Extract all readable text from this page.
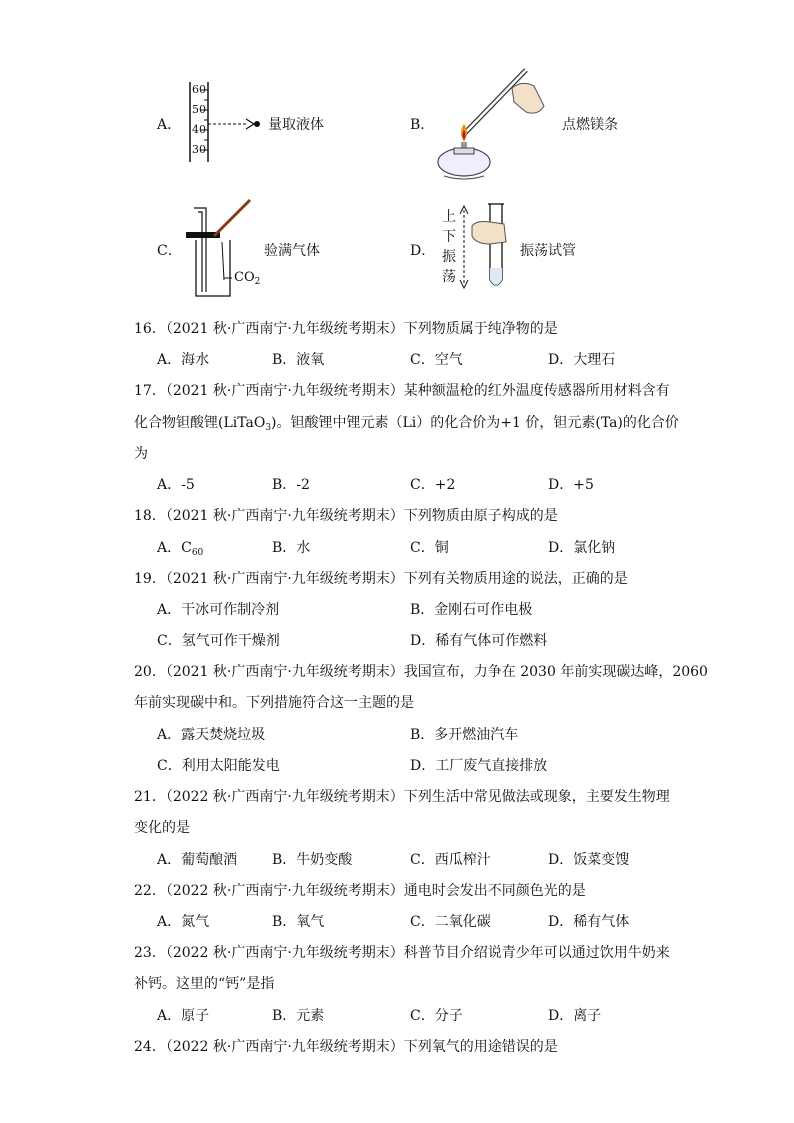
A．
60
50
40
30
量取液体	B．	点燃镁条
C．
$CO_2$
验满气体	D．
上
下
振
荡
振荡试管
16．（2021 秋·广西南宁·九年级统考期末）下列物质属于纯净物的是
A．海水	B．液氧	C．空气	D．大理石
17．（2021 秋·广西南宁·九年级统考期末）某种额温枪的红外温度传感器所用材料含有
化合物钽酸锂(LiTaO$_3$)。钽酸锂中锂元素（Li）的化合价为+1 价，钽元素(Ta)的化合价
为
A．-5	B．-2	C．+2	D．+5
18．（2021 秋·广西南宁·九年级统考期末）下列物质由原子构成的是
A．$C_{60}$	B．水	C．铜	D．氯化钠
19．（2021 秋·广西南宁·九年级统考期末）下列有关物质用途的说法，正确的是
A．干冰可作制冷剂	B．金刚石可作电极
C．氢气可作干燥剂	D．稀有气体可作燃料
20．（2021 秋·广西南宁·九年级统考期末）我国宣布，力争在 2030 年前实现碳达峰，2060
年前实现碳中和。下列措施符合这一主题的是
A．露天焚烧垃圾	B．多开燃油汽车
C．利用太阳能发电	D．工厂废气直接排放
21．（2022 秋·广西南宁·九年级统考期末）下列生活中常见做法或现象，主要发生物理
变化的是
A．葡萄酿酒 B．牛奶变酸	C．西瓜榨汁	D．饭菜变馊
22．（2022 秋·广西南宁·九年级统考期末）通电时会发出不同颜色光的是
A．氮气	B．氧气	C．二氧化碳	D．稀有气体
23．（2022 秋·广西南宁·九年级统考期末）科普节目介绍说青少年可以通过饮用牛奶来
补钙。这里的“钙”是指
A．原子	B．元素	C．分子	D．离子
24．（2022 秋·广西南宁·九年级统考期末）下列氧气的用途错误的是
